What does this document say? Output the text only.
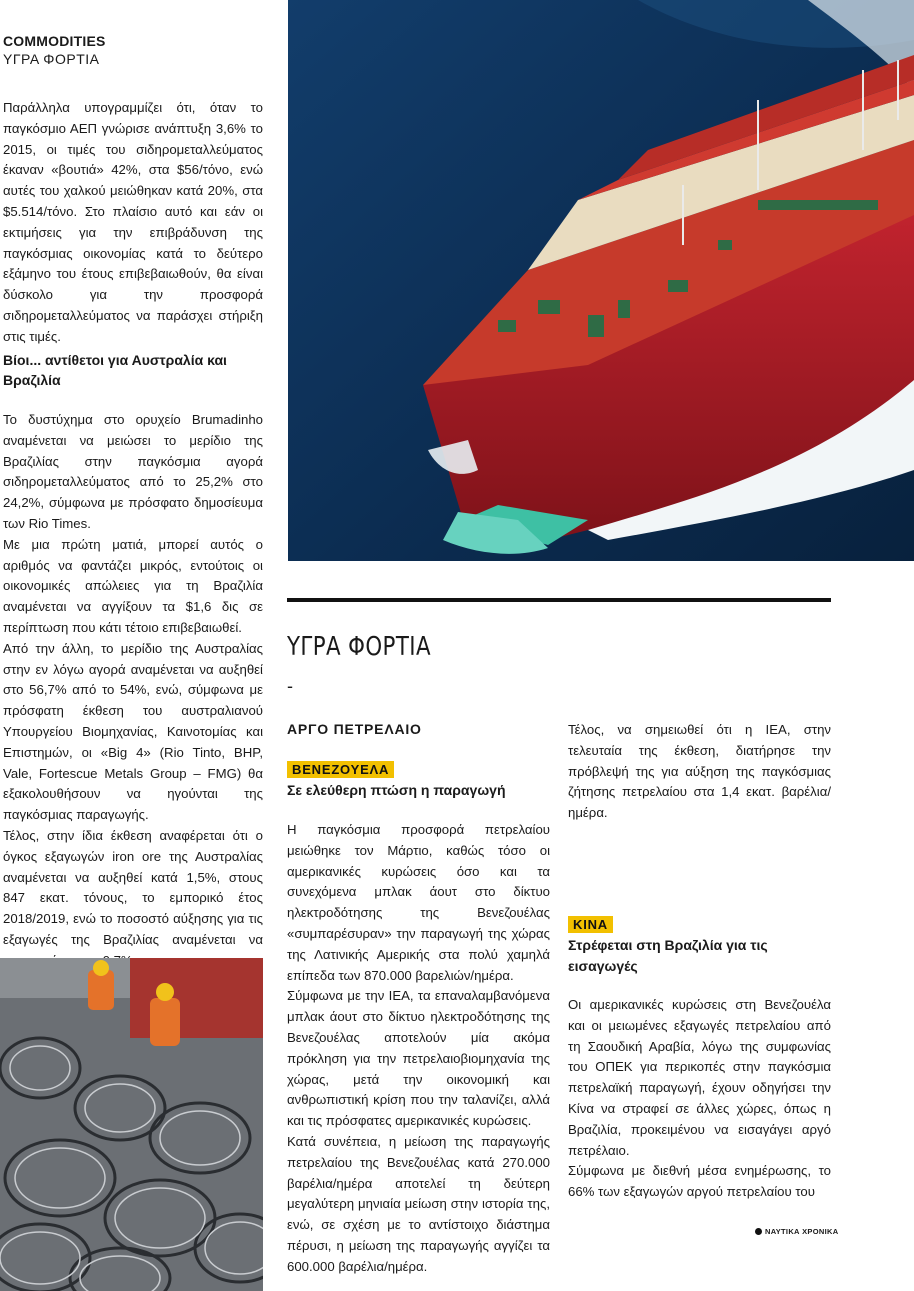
COMMODITIES
ΥΓΡΑ ΦΟΡΤΙΑ

Παράλληλα υπογραμμίζει ότι, όταν το παγκόσμιο ΑΕΠ γνώρισε ανάπτυξη 3,6% το 2015, οι τιμές του σιδηρομεταλλεύματος έκαναν «βουτιά» 42%, στα $56/τόνο, ενώ αυτές του χαλκού μειώθηκαν κατά 20%, στα $5.514/τόνο. Στο πλαίσιο αυτό και εάν οι εκτιμήσεις για την επιβράδυνση της παγκόσμιας οικονομίας κατά το δεύτερο εξάμηνο του έτους επιβεβαιωθούν, θα είναι δύσκολο για την προσφορά σιδηρομεταλλεύματος να παράσχει στήριξη στις τιμές.

Βίοι... αντίθετοι για Αυστραλία και Βραζιλία

Το δυστύχημα στο ορυχείο Brumadinho αναμένεται να μειώσει το μερίδιο της Βραζιλίας στην παγκόσμια αγορά σιδηρομεταλλεύματος από το 25,2% στο 24,2%, σύμφωνα με πρόσφατο δημοσίευμα των Rio Times.

Με μια πρώτη ματιά, μπορεί αυτός ο αριθμός να φαντάζει μικρός, εντούτοις οι οικονομικές απώλειες για τη Βραζιλία αναμένεται να αγγίξουν τα $1,6 δις σε περίπτωση που κάτι τέτοιο επιβεβαιωθεί.

Από την άλλη, το μερίδιο της Αυστραλίας στην εν λόγω αγορά αναμένεται να αυξηθεί στο 56,7% από το 54%, ενώ, σύμφωνα με πρόσφατη έκθεση του αυστραλιανού Υπουργείου Βιομηχανίας, Καινοτομίας και Επιστημών, οι «Big 4» (Rio Tinto, BHP, Vale, Fortescue Metals Group – FMG) θα εξακολουθήσουν να ηγούνται της παγκόσμιας παραγωγής.

Τέλος, στην ίδια έκθεση αναφέρεται ότι ο όγκος εξαγωγών iron ore της Αυστραλίας αναμένεται να αυξηθεί κατά 1,5%, στους 847 εκατ. τόνους, το εμπορικό έτος 2018/2019, ενώ το ποσοστό αύξησης για τις εξαγωγές της Βραζιλίας αναμένεται να

ΥΓΡΑ ΦΟΡΤΙΑ
-
ΑΡΓΟ ΠΕΤΡΕΛΑΙΟ
ΒΕΝΕΖΟΥΕΛΑ
Σε ελεύθερη πτώση η παραγωγή

Η παγκόσμια προσφορά πετρελαίου μειώθηκε τον Μάρτιο, καθώς τόσο οι αμερικανικές κυρώσεις όσο και τα συνεχόμενα μπλακ άουτ στο δίκτυο ηλεκτροδότησης της Βενεζουέλας «συμπαρέσυραν» την παραγωγή της χώρας της Λατινικής Αμερικής στα πολύ χαμηλά επίπεδα των 870.000 βαρελιών/ημέρα.

Σύμφωνα με την ΙΕΑ, τα επαναλαμβανόμενα μπλακ άουτ στο δίκτυο ηλεκτροδότησης της Βενεζουέλας αποτελούν μία ακόμα πρόκληση για την πετρελαιοβιομηχανία της χώρας, μετά την οικονομική και ανθρωπιστική κρίση που την ταλανίζει, αλλά και τις πρόσφατες αμερικανικές κυρώσεις.

Κατά συνέπεια, η μείωση της παραγωγής πετρελαίου της Βενεζουέλας κατά 270.000 βαρέλια/ημέρα αποτελεί τη δεύτερη μεγαλύτερη μηνιαία μείωση στην ιστορία της, ενώ, σε σχέση με το αντίστοιχο διάστημα πέρυσι, η μείωση της παραγωγής αγγίζει τα 600.000 βαρέλια/ημέρα.

Τέλος, να σημειωθεί ότι η ΙΕΑ, στην τελευταία της έκθεση, διατήρησε την πρόβλεψή της για αύξηση της παγκόσμιας ζήτησης πετρελαίου στα 1,4 εκατ. βαρέλια/ημέρα.

ΚΙΝΑ
Στρέφεται στη Βραζιλία για τις εισαγωγές

Οι αμερικανικές κυρώσεις στη Βενεζουέλα και οι μειωμένες εξαγωγές πετρελαίου από τη Σαουδική Αραβία, λόγω της συμφωνίας του ΟΠΕΚ για περικοπές στην παγκόσμια πετρελαϊκή παραγωγή, έχουν οδηγήσει την Κίνα να στραφεί σε άλλες χώρες, όπως η Βραζιλία, προκειμένου να εισαγάγει αργό πετρέλαιο.

Σύμφωνα με διεθνή μέσα ενημέρωσης, το 66% των εξαγωγών αργού πετρελαίου του

ΝΑΥΤΙΚΑ ΧΡΟΝΙΚΑ
